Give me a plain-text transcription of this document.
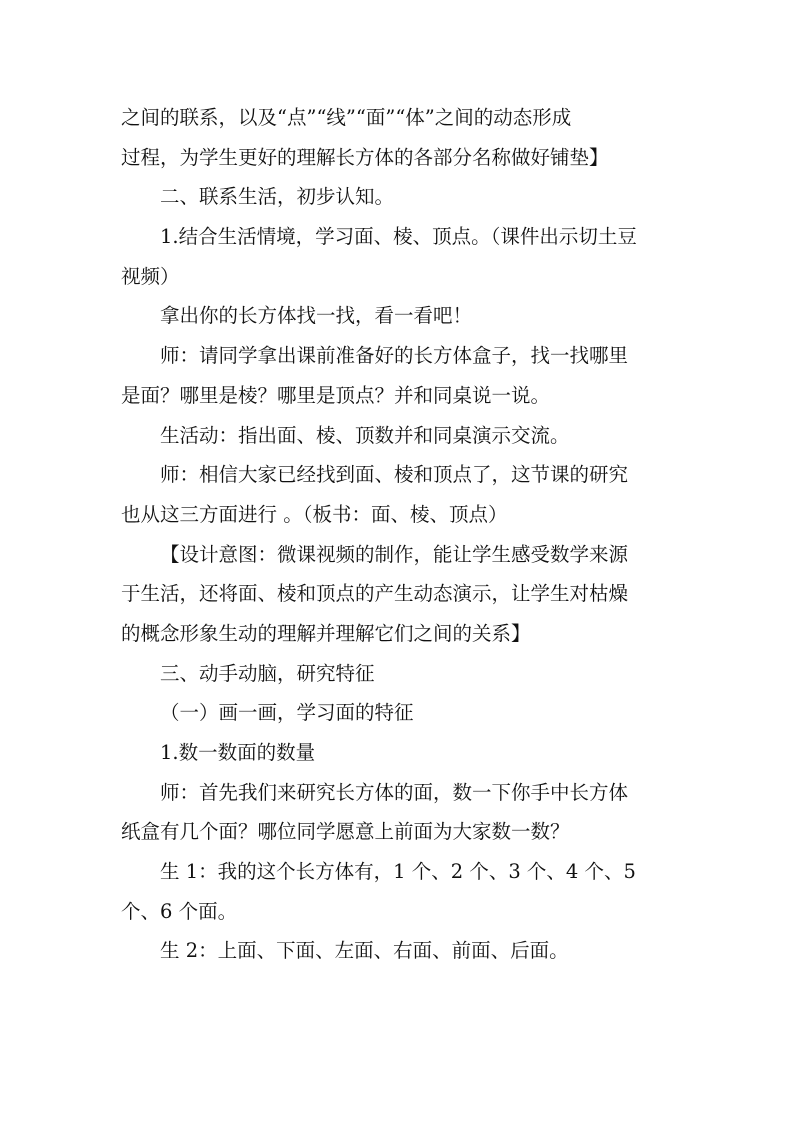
之间的联系，以及“点”“线”“面”“体”之间的动态形成
过程，为学生更好的理解长方体的各部分名称做好铺垫】
二、联系生活，初步认知。
1.结合生活情境，学习面、棱、顶点。（课件出示切土豆
视频）
拿出你的长方体找一找，看一看吧！
师：请同学拿出课前准备好的长方体盒子，找一找哪里
是面？哪里是棱？哪里是顶点？并和同桌说一说。
生活动：指出面、棱、顶数并和同桌演示交流。
师：相信大家已经找到面、棱和顶点了，这节课的研究
也从这三方面进行 。（板书：面、棱、顶点）
【设计意图：微课视频的制作，能让学生感受数学来源
于生活，还将面、棱和顶点的产生动态演示，让学生对枯燥
的概念形象生动的理解并理解它们之间的关系】
三、动手动脑，研究特征
（一）画一画，学习面的特征
1.数一数面的数量
师：首先我们来研究长方体的面，数一下你手中长方体
纸盒有几个面？哪位同学愿意上前面为大家数一数？
生 1：我的这个长方体有，1 个、2 个、3 个、4 个、5
个、6 个面。
生 2：上面、下面、左面、右面、前面、后面。
